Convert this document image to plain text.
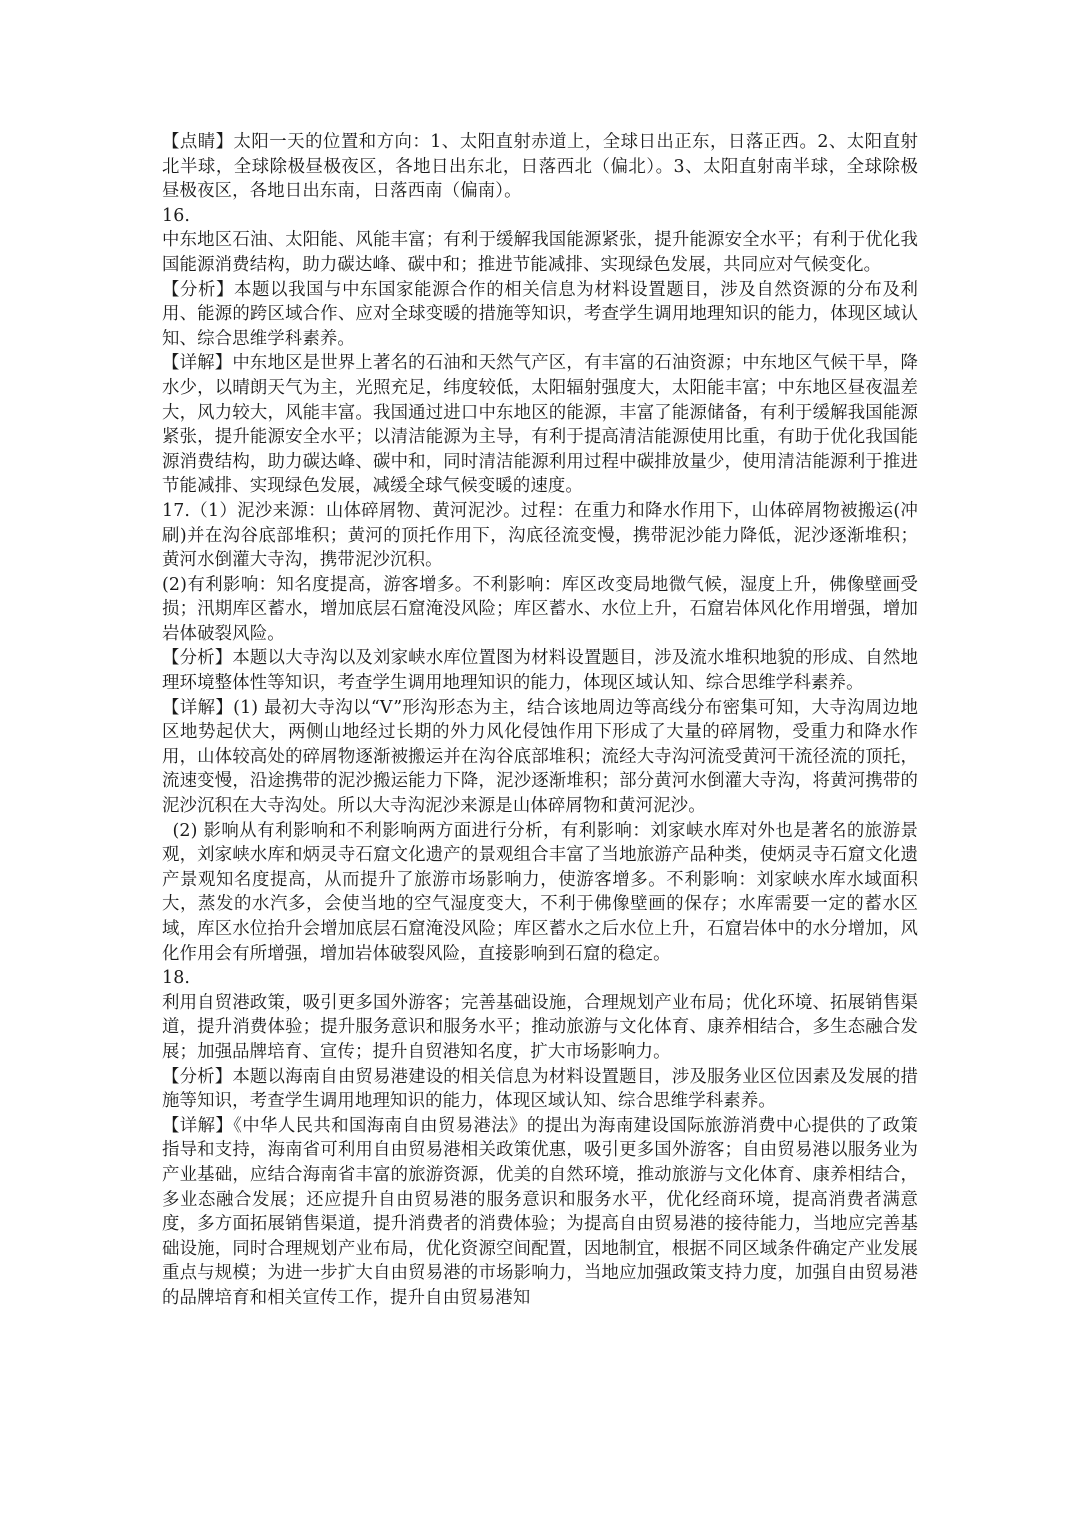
【点睛】太阳一天的位置和方向：1、太阳直射赤道上，全球日出正东，日落正西。2、太阳直射北半球，全球除极昼极夜区，各地日出东北，日落西北（偏北）。3、太阳直射南半球，全球除极昼极夜区，各地日出东南，日落西南（偏南）。

16.

中东地区石油、太阳能、风能丰富；有利于缓解我国能源紧张，提升能源安全水平；有利于优化我国能源消费结构，助力碳达峰、碳中和；推进节能减排、实现绿色发展，共同应对气候变化。

【分析】本题以我国与中东国家能源合作的相关信息为材料设置题目，涉及自然资源的分布及利用、能源的跨区域合作、应对全球变暖的措施等知识，考查学生调用地理知识的能力，体现区域认知、综合思维学科素养。

【详解】中东地区是世界上著名的石油和天然气产区，有丰富的石油资源；中东地区气候干旱，降水少，以晴朗天气为主，光照充足，纬度较低，太阳辐射强度大，太阳能丰富；中东地区昼夜温差大，风力较大，风能丰富。我国通过进口中东地区的能源，丰富了能源储备，有利于缓解我国能源紧张，提升能源安全水平；以清洁能源为主导，有利于提高清洁能源使用比重，有助于优化我国能源消费结构，助力碳达峰、碳中和，同时清洁能源利用过程中碳排放量少，使用清洁能源利于推进节能减排、实现绿色发展，减缓全球气候变暖的速度。

17.（1）泥沙来源：山体碎屑物、黄河泥沙。过程：在重力和降水作用下，山体碎屑物被搬运(冲刷)并在沟谷底部堆积；黄河的顶托作用下，沟底径流变慢，携带泥沙能力降低，泥沙逐渐堆积；黄河水倒灌大寺沟，携带泥沙沉积。

(2)有利影响：知名度提高，游客增多。不利影响：库区改变局地微气候，湿度上升，佛像壁画受损；汛期库区蓄水，增加底层石窟淹没风险；库区蓄水、水位上升，石窟岩体风化作用增强，增加岩体破裂风险。

【分析】本题以大寺沟以及刘家峡水库位置图为材料设置题目，涉及流水堆积地貌的形成、自然地理环境整体性等知识，考查学生调用地理知识的能力，体现区域认知、综合思维学科素养。

【详解】(1) 最初大寺沟以“V”形沟形态为主，结合该地周边等高线分布密集可知，大寺沟周边地区地势起伏大，两侧山地经过长期的外力风化侵蚀作用下形成了大量的碎屑物，受重力和降水作用，山体较高处的碎屑物逐渐被搬运并在沟谷底部堆积；流经大寺沟河流受黄河干流径流的顶托，流速变慢，沿途携带的泥沙搬运能力下降，泥沙逐渐堆积；部分黄河水倒灌大寺沟，将黄河携带的泥沙沉积在大寺沟处。所以大寺沟泥沙来源是山体碎屑物和黄河泥沙。

(2) 影响从有利影响和不利影响两方面进行分析，有利影响：刘家峡水库对外也是著名的旅游景观，刘家峡水库和炳灵寺石窟文化遗产的景观组合丰富了当地旅游产品种类，使炳灵寺石窟文化遗产景观知名度提高，从而提升了旅游市场影响力，使游客增多。不利影响：刘家峡水库水域面积大，蒸发的水汽多，会使当地的空气湿度变大，不利于佛像壁画的保存；水库需要一定的蓄水区域，库区水位抬升会增加底层石窟淹没风险；库区蓄水之后水位上升，石窟岩体中的水分增加，风化作用会有所增强，增加岩体破裂风险，直接影响到石窟的稳定。

18.

利用自贸港政策，吸引更多国外游客；完善基础设施，合理规划产业布局；优化环境、拓展销售渠道，提升消费体验；提升服务意识和服务水平；推动旅游与文化体育、康养相结合，多生态融合发展；加强品牌培育、宣传；提升自贸港知名度，扩大市场影响力。

【分析】本题以海南自由贸易港建设的相关信息为材料设置题目，涉及服务业区位因素及发展的措施等知识，考查学生调用地理知识的能力，体现区域认知、综合思维学科素养。

【详解】《中华人民共和国海南自由贸易港法》的提出为海南建设国际旅游消费中心提供的了政策指导和支持，海南省可利用自由贸易港相关政策优惠，吸引更多国外游客；自由贸易港以服务业为产业基础，应结合海南省丰富的旅游资源，优美的自然环境，推动旅游与文化体育、康养相结合，多业态融合发展；还应提升自由贸易港的服务意识和服务水平，优化经商环境，提高消费者满意度，多方面拓展销售渠道，提升消费者的消费体验；为提高自由贸易港的接待能力，当地应完善基础设施，同时合理规划产业布局，优化资源空间配置，因地制宜，根据不同区域条件确定产业发展重点与规模；为进一步扩大自由贸易港的市场影响力，当地应加强政策支持力度，加强自由贸易港的品牌培育和相关宣传工作，提升自由贸易港知
